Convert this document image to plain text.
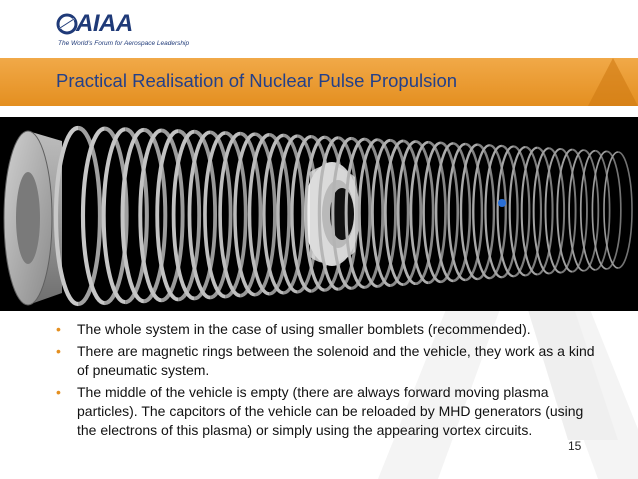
AIAA
The World's Forum for Aerospace Leadership
Practical Realisation of Nuclear Pulse Propulsion
• The whole system in the case of using smaller bomblets (recommended).
• There are magnetic rings between the solenoid and the vehicle, they work as a kind of pneumatic system.
• The middle of the vehicle is empty (there are always forward moving plasma particles). The capcitors of the vehicle can be reloaded by MHD generators (using the electrons of this plasma) or simply using the appearing vortex circuits.
15
